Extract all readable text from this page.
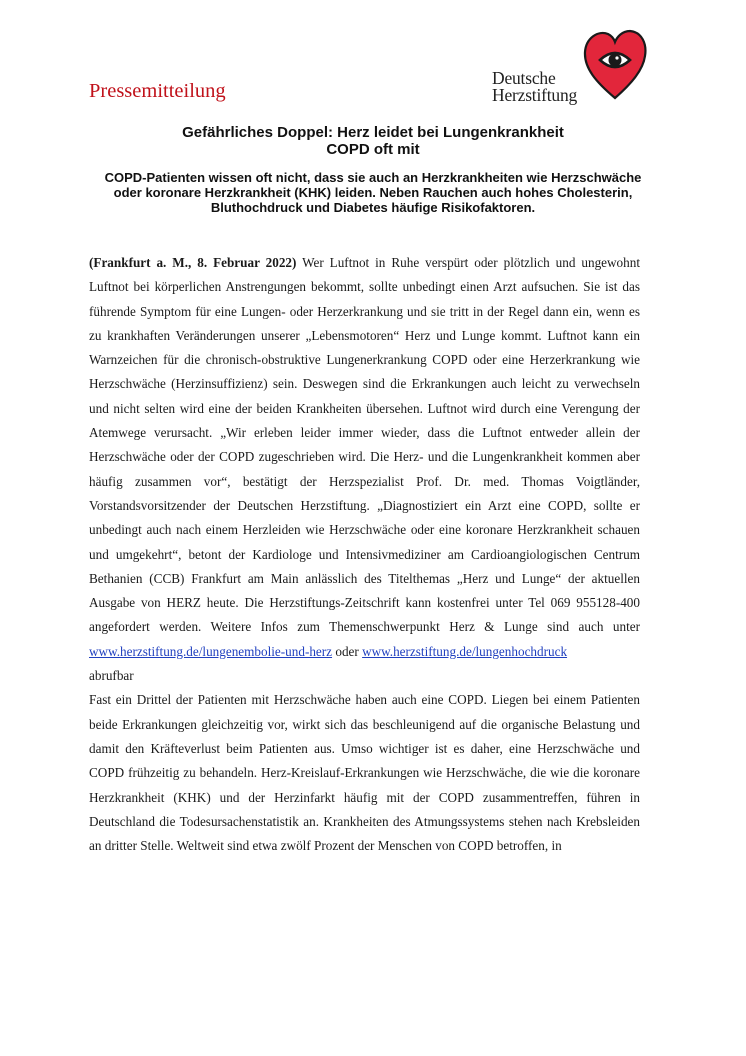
Deutsche
Herzstiftung
Pressemitteilung
Gefährliches Doppel: Herz leidet bei Lungenkrankheit
COPD oft mit
COPD-Patienten wissen oft nicht, dass sie auch an Herzkrankheiten wie Herzschwäche oder koronare Herzkrankheit (KHK) leiden. Neben Rauchen auch hohes Cholesterin, Bluthochdruck und Diabetes häufige Risikofaktoren.

(Frankfurt a. M., 8. Februar 2022) Wer Luftnot in Ruhe verspürt oder plötzlich und ungewohnt Luftnot bei körperlichen Anstrengungen bekommt, sollte unbedingt einen Arzt aufsuchen. Sie ist das führende Symptom für eine Lungen- oder Herzerkrankung und sie tritt in der Regel dann ein, wenn es zu krankhaften Veränderungen unserer „Lebensmotoren“ Herz und Lunge kommt. Luftnot kann ein Warnzeichen für die chronisch-obstruktive Lungenerkrankung COPD oder eine Herzerkrankung wie Herzschwäche (Herzinsuffizienz) sein. Deswegen sind die Erkrankungen auch leicht zu verwechseln und nicht selten wird eine der beiden Krankheiten übersehen. Luftnot wird durch eine Verengung der Atemwege verursacht. „Wir erleben leider immer wieder, dass die Luftnot entweder allein der Herzschwäche oder der COPD zugeschrieben wird. Die Herz- und die Lungenkrankheit kommen aber häufig zusammen vor“, bestätigt der Herzspezialist Prof. Dr. med. Thomas Voigtländer, Vorstandsvorsitzender der Deutschen Herzstiftung. „Diagnostiziert ein Arzt eine COPD, sollte er unbedingt auch nach einem Herzleiden wie Herzschwäche oder eine koronare Herzkrankheit schauen und umgekehrt“, betont der Kardiologe und Intensivmediziner am Cardioangiologischen Centrum Bethanien (CCB) Frankfurt am Main anlässlich des Titelthemas „Herz und Lunge“ der aktuellen Ausgabe von HERZ heute. Die Herzstiftungs-Zeitschrift kann kostenfrei unter Tel 069 955128-400 angefordert werden. Weitere Infos zum Themenschwerpunkt Herz & Lunge sind auch unter www.herzstiftung.de/lungenembolie-und-herz oder www.herzstiftung.de/lungenhochdruck

abrufbar

Fast ein Drittel der Patienten mit Herzschwäche haben auch eine COPD. Liegen bei einem Patienten beide Erkrankungen gleichzeitig vor, wirkt sich das beschleunigend auf die organische Belastung und damit den Kräfteverlust beim Patienten aus. Umso wichtiger ist es daher, eine Herzschwäche und COPD frühzeitig zu behandeln. Herz-Kreislauf-Erkrankungen wie Herzschwäche, die wie die koronare Herzkrankheit (KHK) und der Herzinfarkt häufig mit der COPD zusammentreffen, führen in Deutschland die Todesursachenstatistik an. Krankheiten des Atmungssystems stehen nach Krebsleiden an dritter Stelle. Weltweit sind etwa zwölf Prozent der Menschen von COPD betroffen, in
